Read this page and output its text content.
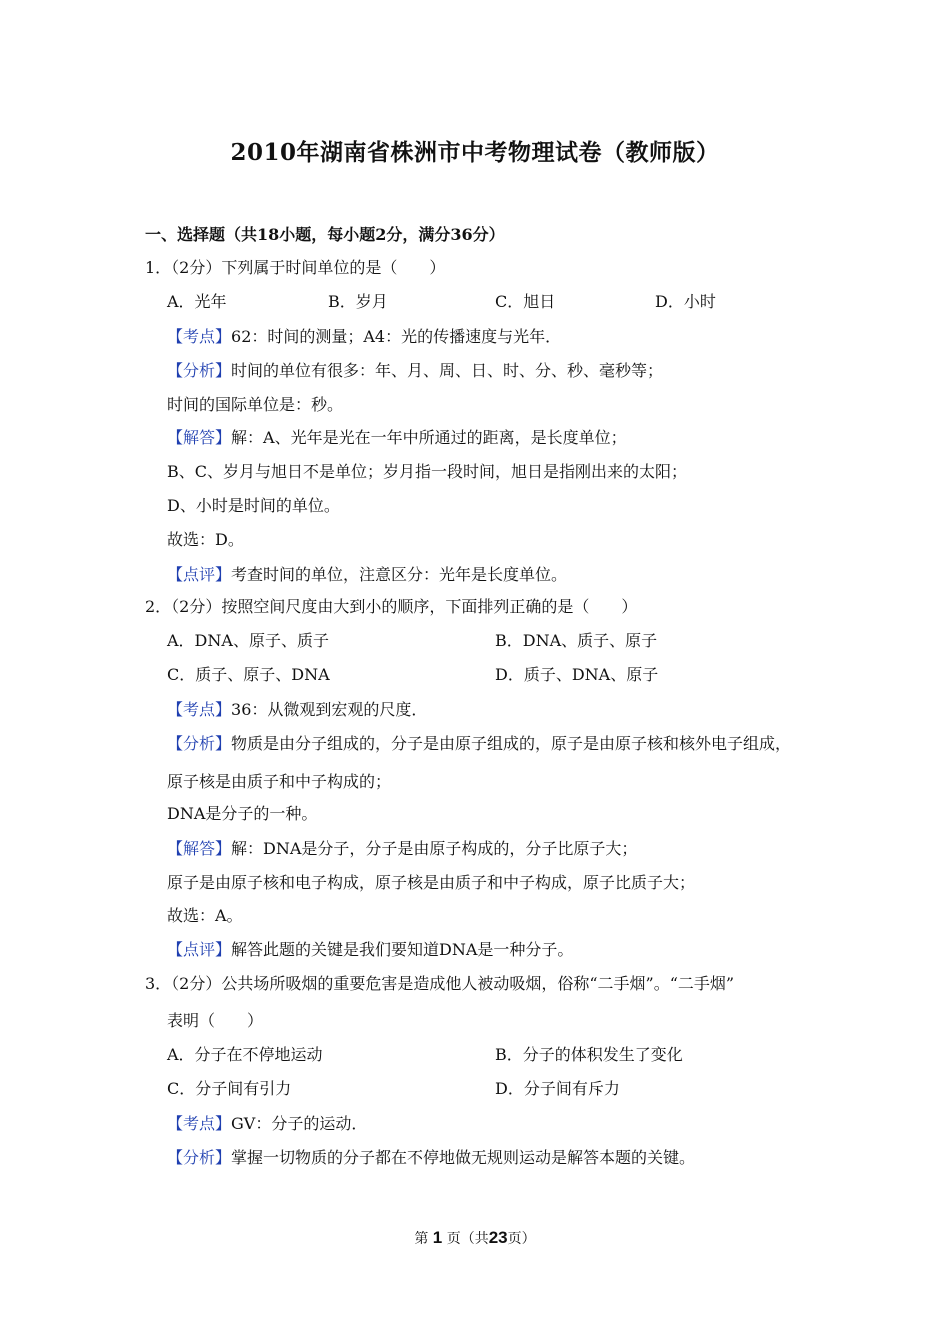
2010年湖南省株洲市中考物理试卷（教师版）
一、选择题（共18小题，每小题2分，满分36分）
1．（2分）下列属于时间单位的是（　　）
A．光年	B．岁月	C．旭日	D．小时
【考点】62：时间的测量；A4：光的传播速度与光年．
【分析】时间的单位有很多：年、月、周、日、时、分、秒、毫秒等；
时间的国际单位是：秒。
【解答】解：A、光年是光在一年中所通过的距离，是长度单位；
B、C、岁月与旭日不是单位；岁月指一段时间，旭日是指刚出来的太阳；
D、小时是时间的单位。
故选：D。
【点评】考查时间的单位，注意区分：光年是长度单位。
2．（2分）按照空间尺度由大到小的顺序，下面排列正确的是（　　）
A．DNA、原子、质子	B．DNA、质子、原子
C．质子、原子、DNA	D．质子、DNA、原子
【考点】36：从微观到宏观的尺度．
【分析】物质是由分子组成的，分子是由原子组成的，原子是由原子核和核外电子组成，
原子核是由质子和中子构成的；
DNA是分子的一种。
【解答】解：DNA是分子，分子是由原子构成的，分子比原子大；
原子是由原子核和电子构成，原子核是由质子和中子构成，原子比质子大；
故选：A。
【点评】解答此题的关键是我们要知道DNA是一种分子。
3．（2分）公共场所吸烟的重要危害是造成他人被动吸烟，俗称“二手烟”。“二手烟”
表明（　　）
A．分子在不停地运动	B．分子的体积发生了变化
C．分子间有引力	D．分子间有斥力
【考点】GV：分子的运动．
【分析】掌握一切物质的分子都在不停地做无规则运动是解答本题的关键。
第 1 页（共23页）
